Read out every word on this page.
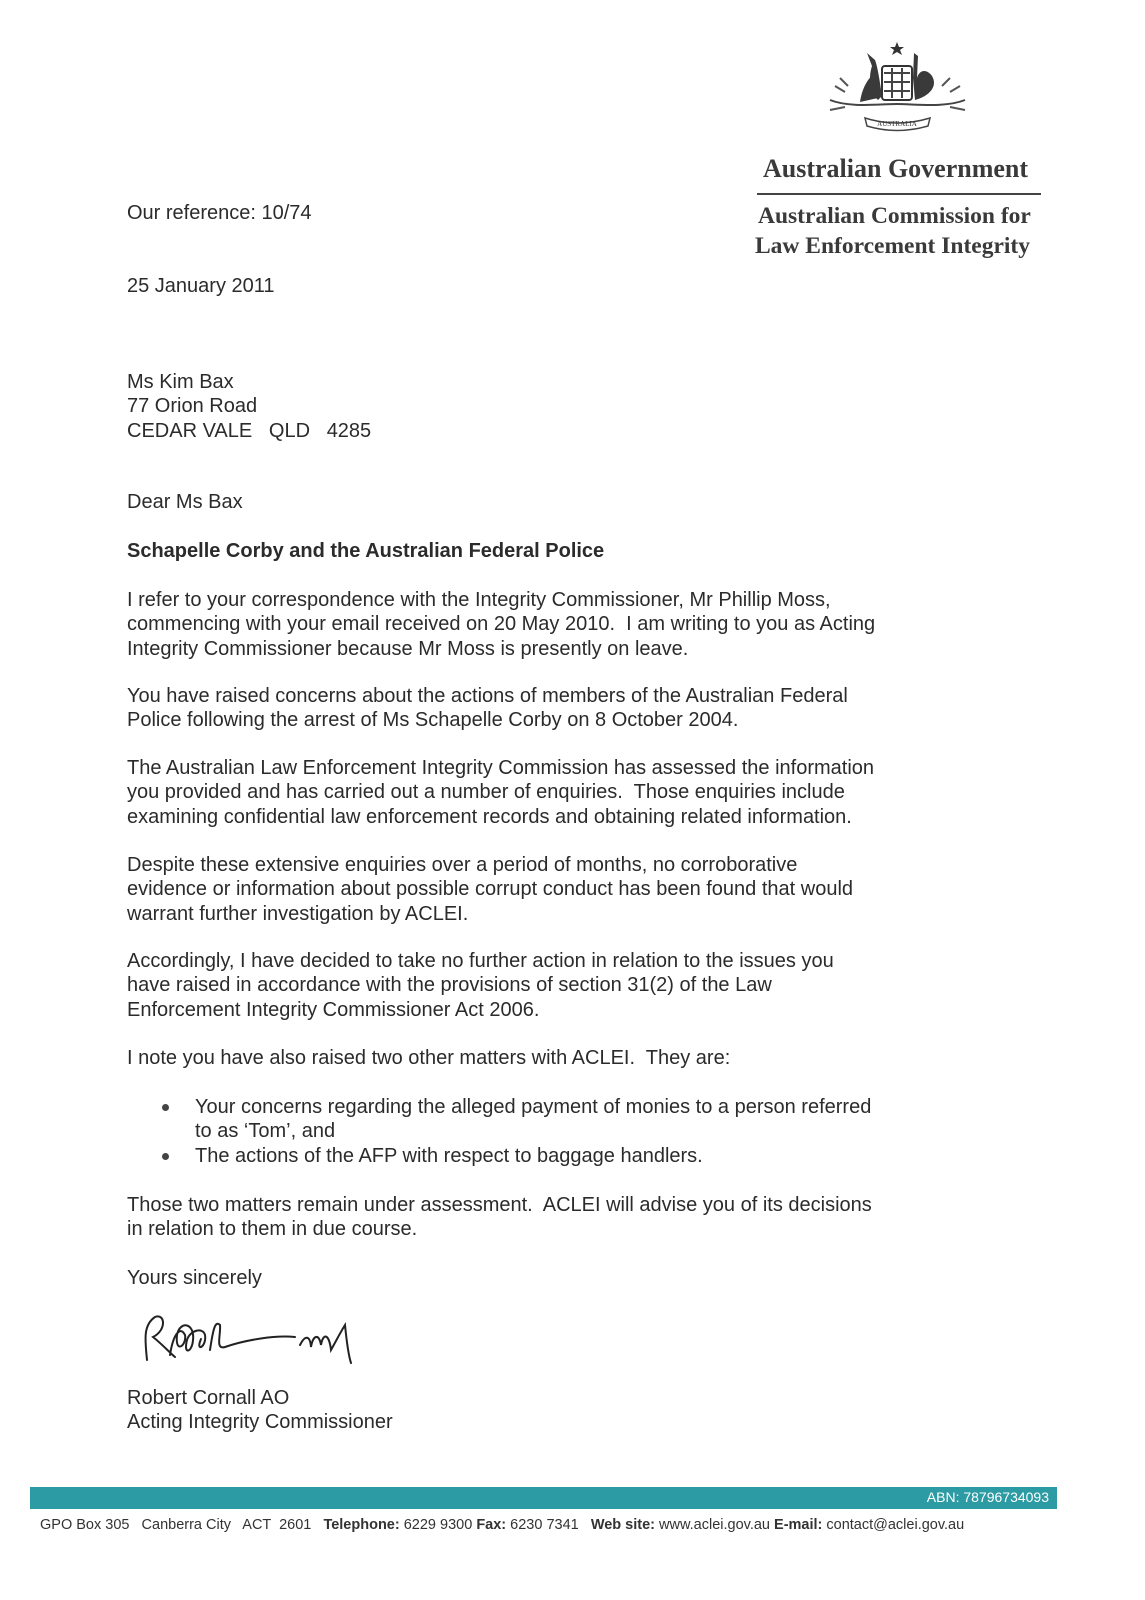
AUSTRALIA
Australian Government
Australian Commission for
Law Enforcement Integrity
Our reference: 10/74
25 January 2011
Ms Kim Bax
77 Orion Road
CEDAR VALE   QLD   4285
Dear Ms Bax
Schapelle Corby and the Australian Federal Police
I refer to your correspondence with the Integrity Commissioner, Mr Phillip Moss,
commencing with your email received on 20 May 2010.  I am writing to you as Acting
Integrity Commissioner because Mr Moss is presently on leave.
You have raised concerns about the actions of members of the Australian Federal
Police following the arrest of Ms Schapelle Corby on 8 October 2004.
The Australian Law Enforcement Integrity Commission has assessed the information
you provided and has carried out a number of enquiries.  Those enquiries include
examining confidential law enforcement records and obtaining related information.
Despite these extensive enquiries over a period of months, no corroborative
evidence or information about possible corrupt conduct has been found that would
warrant further investigation by ACLEI.
Accordingly, I have decided to take no further action in relation to the issues you
have raised in accordance with the provisions of section 31(2) of the Law
Enforcement Integrity Commissioner Act 2006.
I note you have also raised two other matters with ACLEI.  They are:
Your concerns regarding the alleged payment of monies to a person referred
to as ‘Tom’, and
The actions of the AFP with respect to baggage handlers.
Those two matters remain under assessment.  ACLEI will advise you of its decisions
in relation to them in due course.
Yours sincerely
Robert Cornall AO
Acting Integrity Commissioner
ABN: 78796734093
GPO Box 305   Canberra City   ACT  2601   Telephone: 6229 9300 Fax: 6230 7341   Web site: www.aclei.gov.au E-mail: contact@aclei.gov.au
